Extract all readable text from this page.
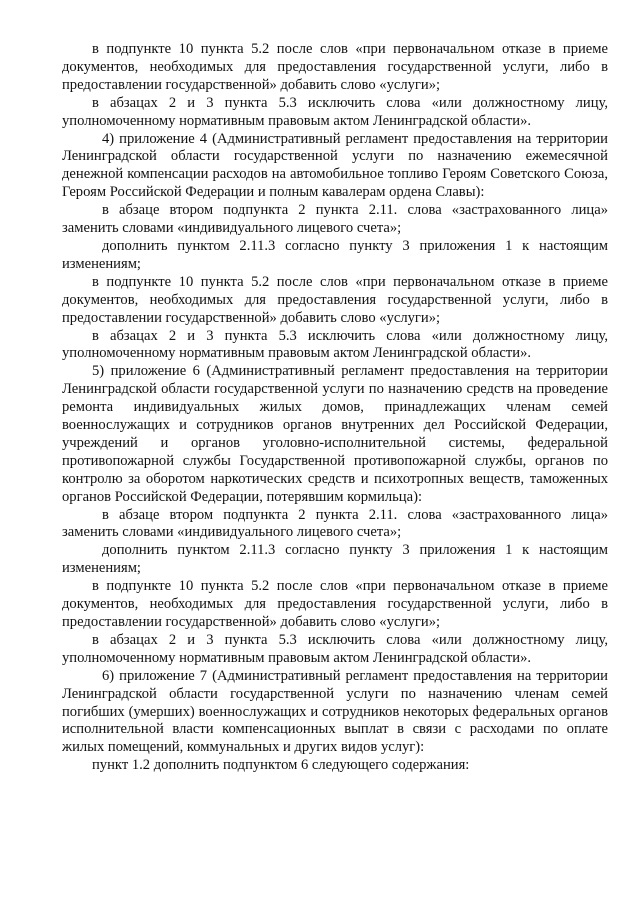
в подпункте 10 пункта 5.2 после слов «при первоначальном отказе в приеме документов, необходимых для предоставления государственной услуги, либо в предоставлении государственной» добавить слово «услуги»;

в абзацах 2 и 3 пункта 5.3 исключить слова «или должностному лицу, уполномоченному нормативным правовым актом Ленинградской области».

4) приложение 4 (Административный регламент предоставления на территории Ленинградской области государственной услуги по назначению ежемесячной денежной компенсации расходов на автомобильное топливо Героям Советского Союза, Героям Российской Федерации и полным кавалерам ордена Славы):

в абзаце втором подпункта 2 пункта 2.11. слова «застрахованного лица» заменить словами «индивидуального лицевого счета»;

дополнить пунктом 2.11.3 согласно пункту 3 приложения 1 к настоящим изменениям;

в подпункте 10 пункта 5.2 после слов «при первоначальном отказе в приеме документов, необходимых для предоставления государственной услуги, либо в предоставлении государственной» добавить слово «услуги»;

в абзацах 2 и 3 пункта 5.3 исключить слова «или должностному лицу, уполномоченному нормативным правовым актом Ленинградской области».

5) приложение 6 (Административный регламент предоставления на территории Ленинградской области государственной услуги по назначению средств на проведение ремонта индивидуальных жилых домов, принадлежащих членам семей военнослужащих и сотрудников органов внутренних дел Российской Федерации, учреждений и органов уголовно-исполнительной системы, федеральной противопожарной службы Государственной противопожарной службы, органов по контролю за оборотом наркотических средств и психотропных веществ, таможенных органов Российской Федерации, потерявшим кормильца):

в абзаце втором подпункта 2 пункта 2.11. слова «застрахованного лица» заменить словами «индивидуального лицевого счета»;

дополнить пунктом 2.11.3 согласно пункту 3 приложения 1 к настоящим изменениям;

в подпункте 10 пункта 5.2 после слов «при первоначальном отказе в приеме документов, необходимых для предоставления государственной услуги, либо в предоставлении государственной» добавить слово «услуги»;

в абзацах 2 и 3 пункта 5.3 исключить слова «или должностному лицу, уполномоченному нормативным правовым актом Ленинградской области».

6) приложение 7 (Административный регламент предоставления на территории Ленинградской области государственной услуги по назначению членам семей погибших (умерших) военнослужащих и сотрудников некоторых федеральных органов исполнительной власти компенсационных выплат в связи с расходами по оплате жилых помещений, коммунальных и других видов услуг):

пункт 1.2 дополнить подпунктом 6 следующего содержания:
